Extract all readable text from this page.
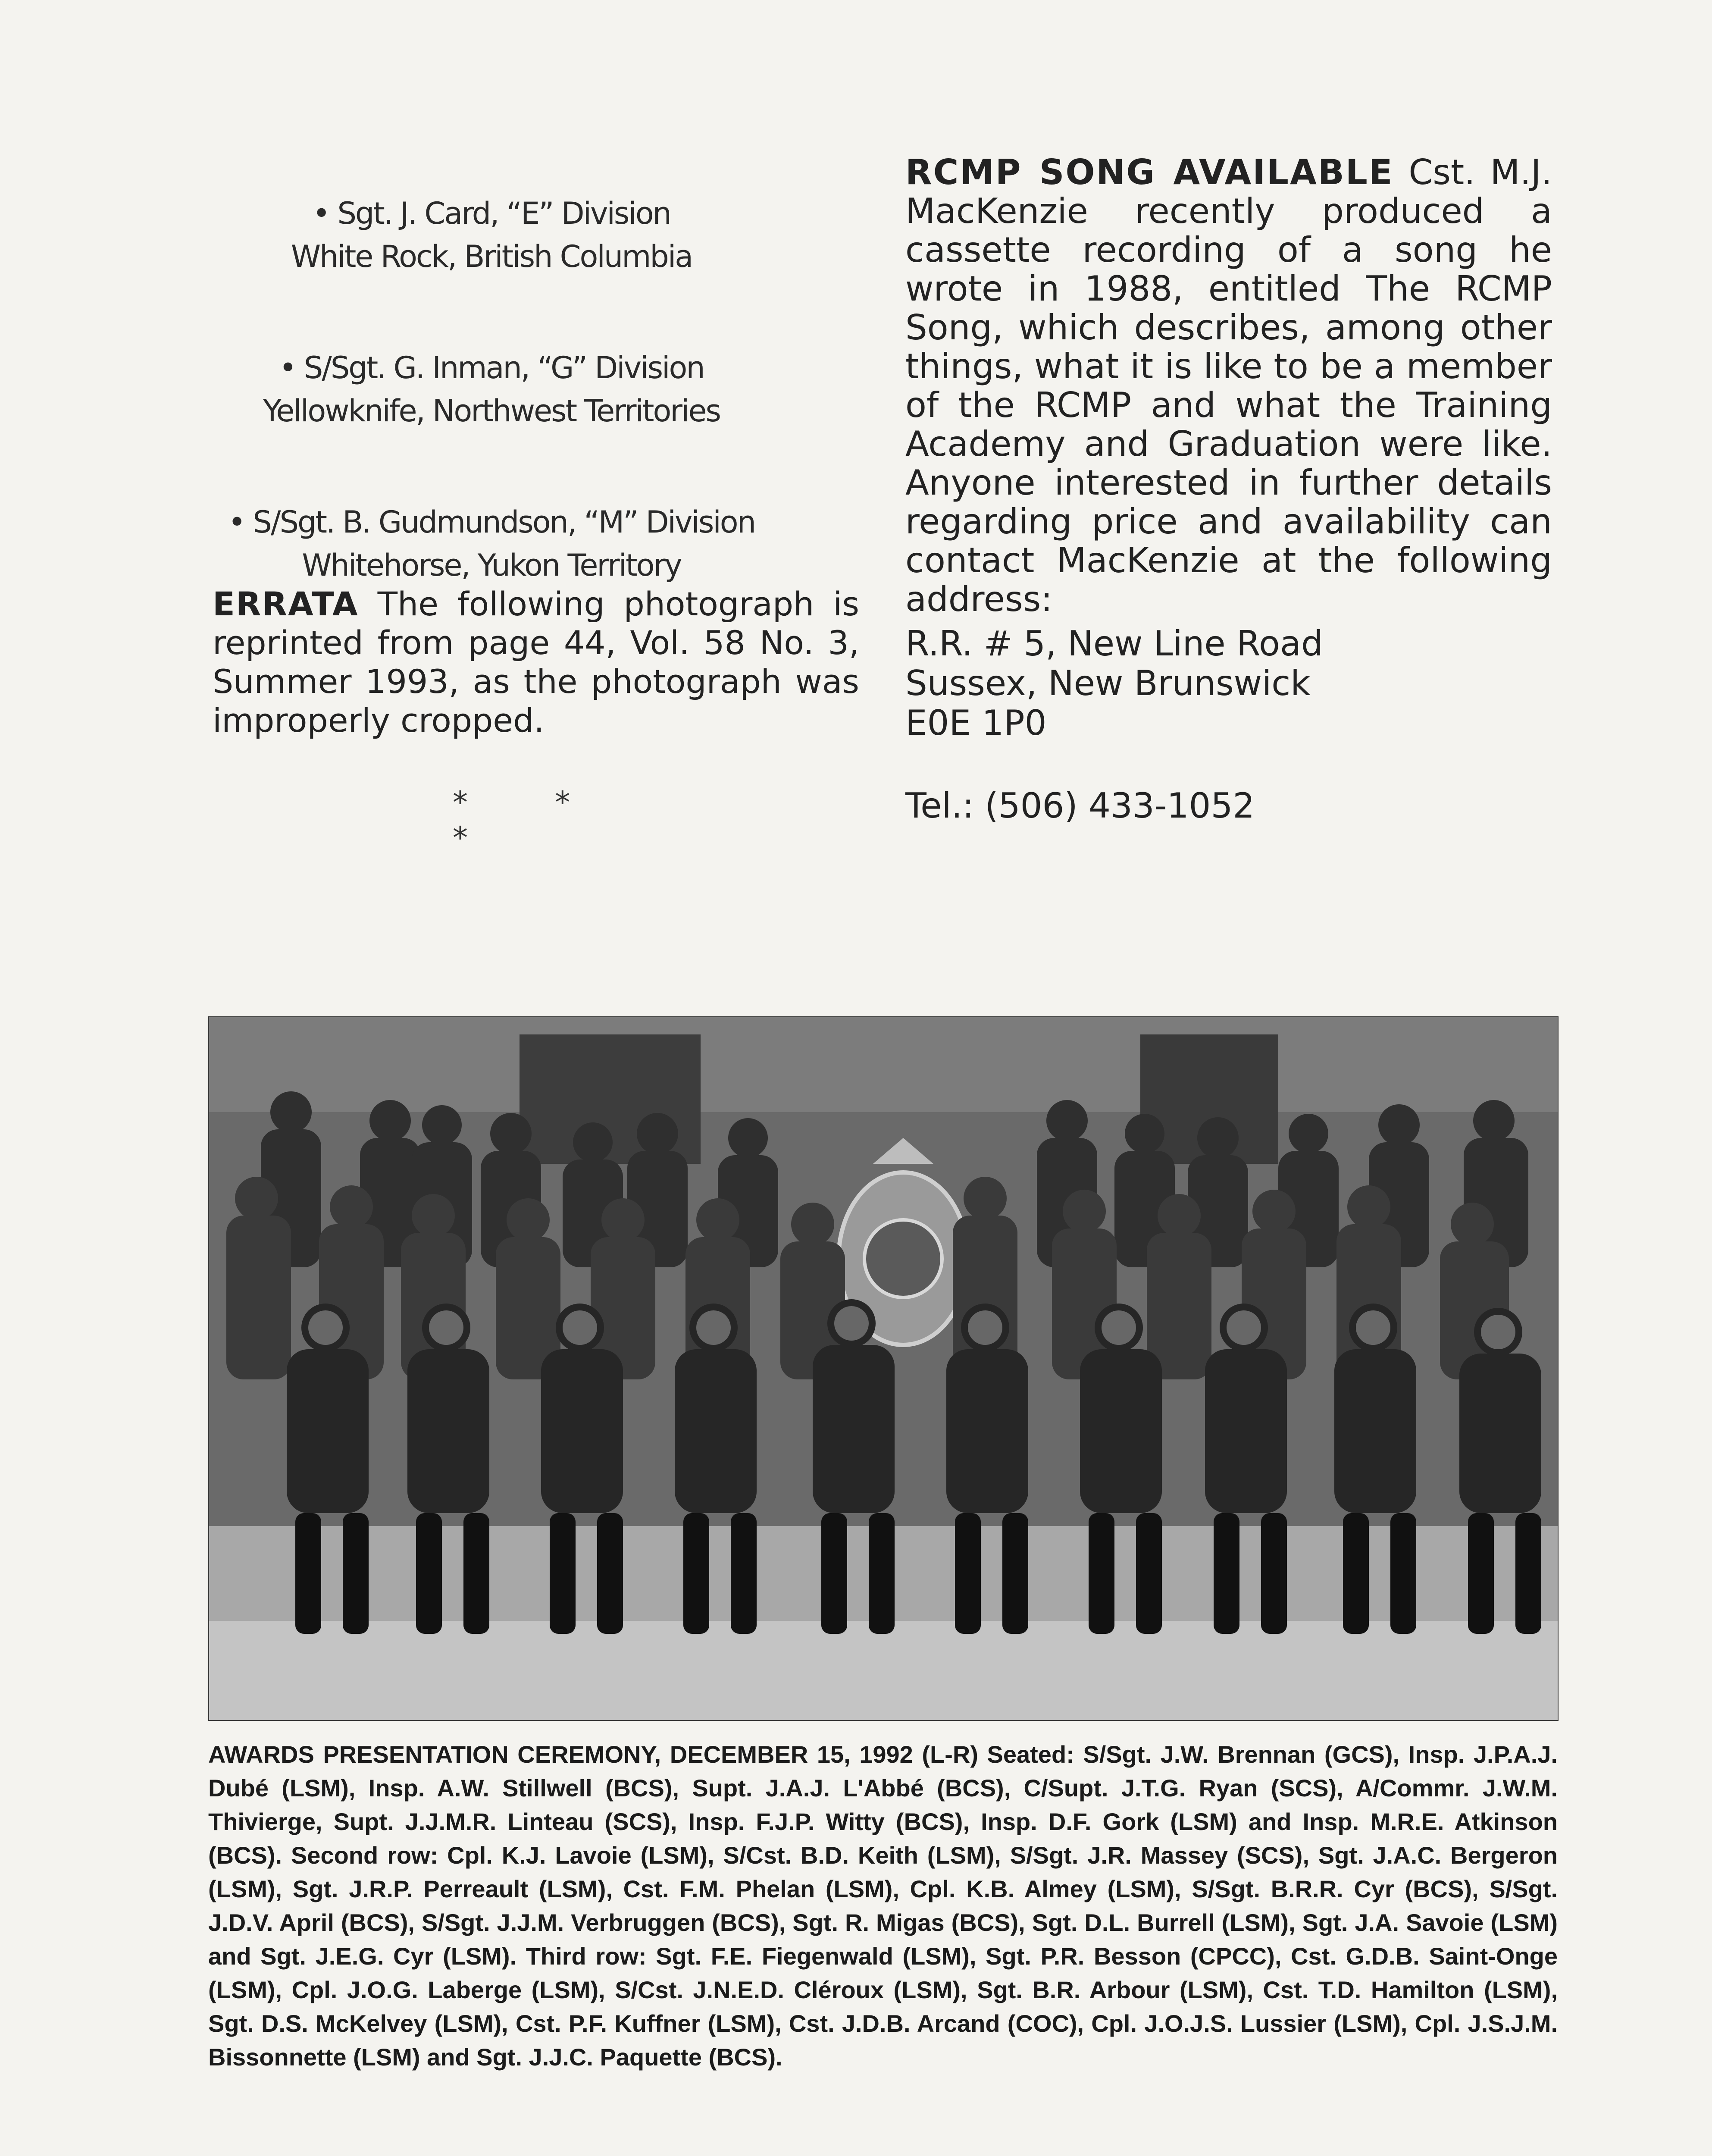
• Sgt. J. Card, “E” Division
White Rock, British Columbia
• S/Sgt. G. Inman, “G” Division
Yellowknife, Northwest Territories
• S/Sgt. B. Gudmundson, “M” Division
Whitehorse, Yukon Territory

ERRATA The following photograph is reprinted from page 44, Vol. 58 No. 3, Summer 1993, as the photograph was improperly cropped.

* * *

RCMP SONG AVAILABLE Cst. M.J. MacKenzie recently produced a cassette recording of a song he wrote in 1988, entitled The RCMP Song, which describes, among other things, what it is like to be a member of the RCMP and what the Training Academy and Graduation were like. Anyone interested in further details regarding price and availability can contact MacKenzie at the following address:

R.R. # 5, New Line Road
Sussex, New Brunswick
E0E 1P0
Tel.: (506) 433-1052

AWARDS PRESENTATION CEREMONY, DECEMBER 15, 1992 (L-R) Seated: S/Sgt. J.W. Brennan (GCS), Insp. J.P.A.J. Dubé (LSM), Insp. A.W. Stillwell (BCS), Supt. J.A.J. L'Abbé (BCS), C/Supt. J.T.G. Ryan (SCS), A/Commr. J.W.M. Thivierge, Supt. J.J.M.R. Linteau (SCS), Insp. F.J.P. Witty (BCS), Insp. D.F. Gork (LSM) and Insp. M.R.E. Atkinson (BCS). Second row: Cpl. K.J. Lavoie (LSM), S/Cst. B.D. Keith (LSM), S/Sgt. J.R. Massey (SCS), Sgt. J.A.C. Bergeron (LSM), Sgt. J.R.P. Perreault (LSM), Cst. F.M. Phelan (LSM), Cpl. K.B. Almey (LSM), S/Sgt. B.R.R. Cyr (BCS), S/Sgt. J.D.V. April (BCS), S/Sgt. J.J.M. Verbruggen (BCS), Sgt. R. Migas (BCS), Sgt. D.L. Burrell (LSM), Sgt. J.A. Savoie (LSM) and Sgt. J.E.G. Cyr (LSM). Third row: Sgt. F.E. Fiegenwald (LSM), Sgt. P.R. Besson (CPCC), Cst. G.D.B. Saint-Onge (LSM), Cpl. J.O.G. Laberge (LSM), S/Cst. J.N.E.D. Cléroux (LSM), Sgt. B.R. Arbour (LSM), Cst. T.D. Hamilton (LSM), Sgt. D.S. McKelvey (LSM), Cst. P.F. Kuffner (LSM), Cst. J.D.B. Arcand (COC), Cpl. J.O.J.S. Lussier (LSM), Cpl. J.S.J.M. Bissonnette (LSM) and Sgt. J.J.C. Paquette (BCS).
